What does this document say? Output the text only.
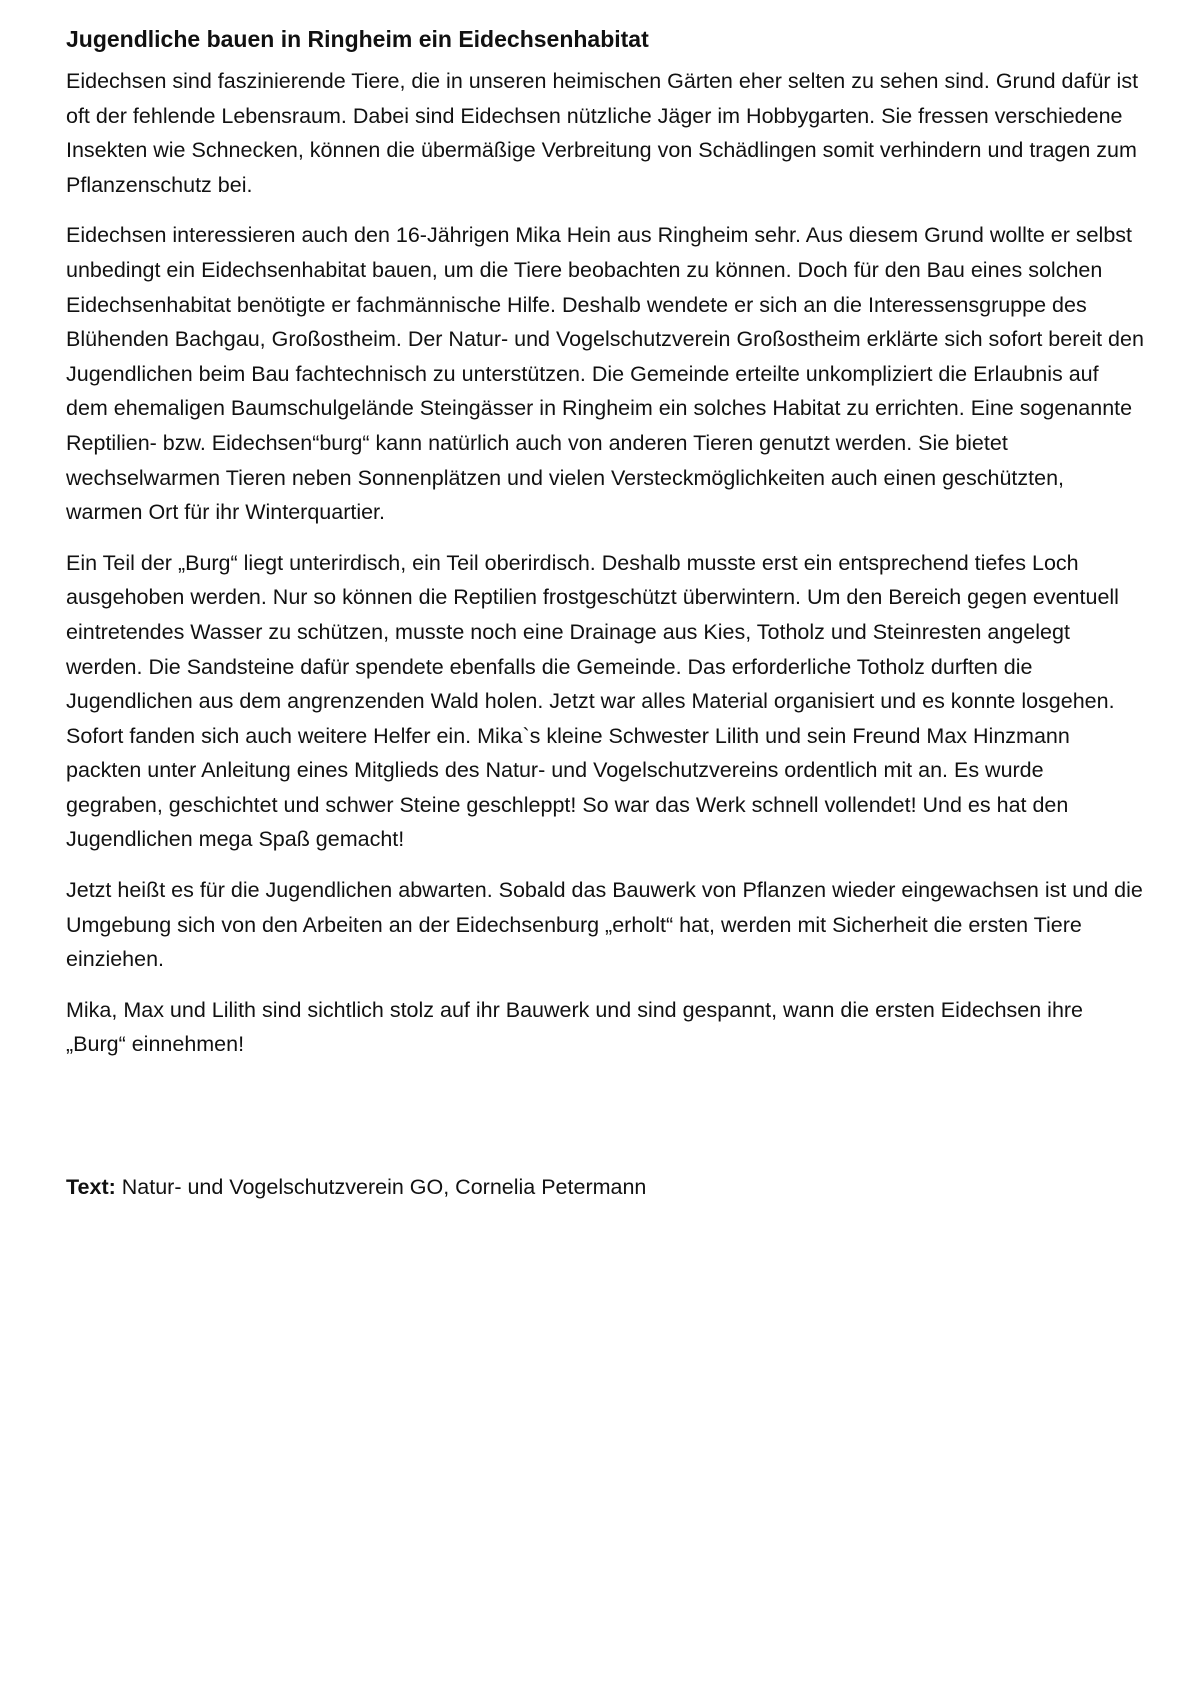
Jugendliche bauen in Ringheim ein Eidechsenhabitat

Eidechsen sind faszinierende Tiere, die in unseren heimischen Gärten eher selten zu sehen sind. Grund dafür ist oft der fehlende Lebensraum. Dabei sind Eidechsen nützliche Jäger im Hobbygarten. Sie fressen verschiedene Insekten wie Schnecken, können die übermäßige Verbreitung von Schädlingen somit verhindern und tragen zum Pflanzenschutz bei.

Eidechsen interessieren auch den 16-Jährigen Mika Hein aus Ringheim sehr. Aus diesem Grund wollte er selbst unbedingt ein Eidechsenhabitat bauen, um die Tiere beobachten zu können. Doch für den Bau eines solchen Eidechsenhabitat benötigte er fachmännische Hilfe. Deshalb wendete er sich an die Interessensgruppe des Blühenden Bachgau, Großostheim. Der Natur- und Vogelschutzverein Großostheim erklärte sich sofort bereit den Jugendlichen beim Bau fachtechnisch zu unterstützen. Die Gemeinde erteilte unkompliziert die Erlaubnis auf dem ehemaligen Baumschulgelände Steingässer in Ringheim ein solches Habitat zu errichten. Eine sogenannte Reptilien- bzw. Eidechsen“burg“ kann natürlich auch von anderen Tieren genutzt werden. Sie bietet wechselwarmen Tieren neben Sonnenplätzen und vielen Versteckmöglichkeiten auch einen geschützten, warmen Ort für ihr Winterquartier.

Ein Teil der „Burg“ liegt unterirdisch, ein Teil oberirdisch. Deshalb musste erst ein entsprechend tiefes Loch ausgehoben werden. Nur so können die Reptilien frostgeschützt überwintern. Um den Bereich gegen eventuell eintretendes Wasser zu schützen, musste noch eine Drainage aus Kies, Totholz und Steinresten angelegt werden. Die Sandsteine dafür spendete ebenfalls die Gemeinde. Das erforderliche Totholz durften die Jugendlichen aus dem angrenzenden Wald holen. Jetzt war alles Material organisiert und es konnte losgehen. Sofort fanden sich auch weitere Helfer ein. Mika`s kleine Schwester Lilith und sein Freund Max Hinzmann packten unter Anleitung eines Mitglieds des Natur- und Vogelschutzvereins ordentlich mit an. Es wurde gegraben, geschichtet und schwer Steine geschleppt! So war das Werk schnell vollendet! Und es hat den Jugendlichen mega Spaß gemacht!

Jetzt heißt es für die Jugendlichen abwarten. Sobald das Bauwerk von Pflanzen wieder eingewachsen ist und die Umgebung sich von den Arbeiten an der Eidechsenburg „erholt“ hat, werden mit Sicherheit die ersten Tiere einziehen.

Mika, Max und Lilith sind sichtlich stolz auf ihr Bauwerk und sind gespannt, wann die ersten Eidechsen ihre „Burg“ einnehmen!

Text: Natur- und Vogelschutzverein GO, Cornelia Petermann
